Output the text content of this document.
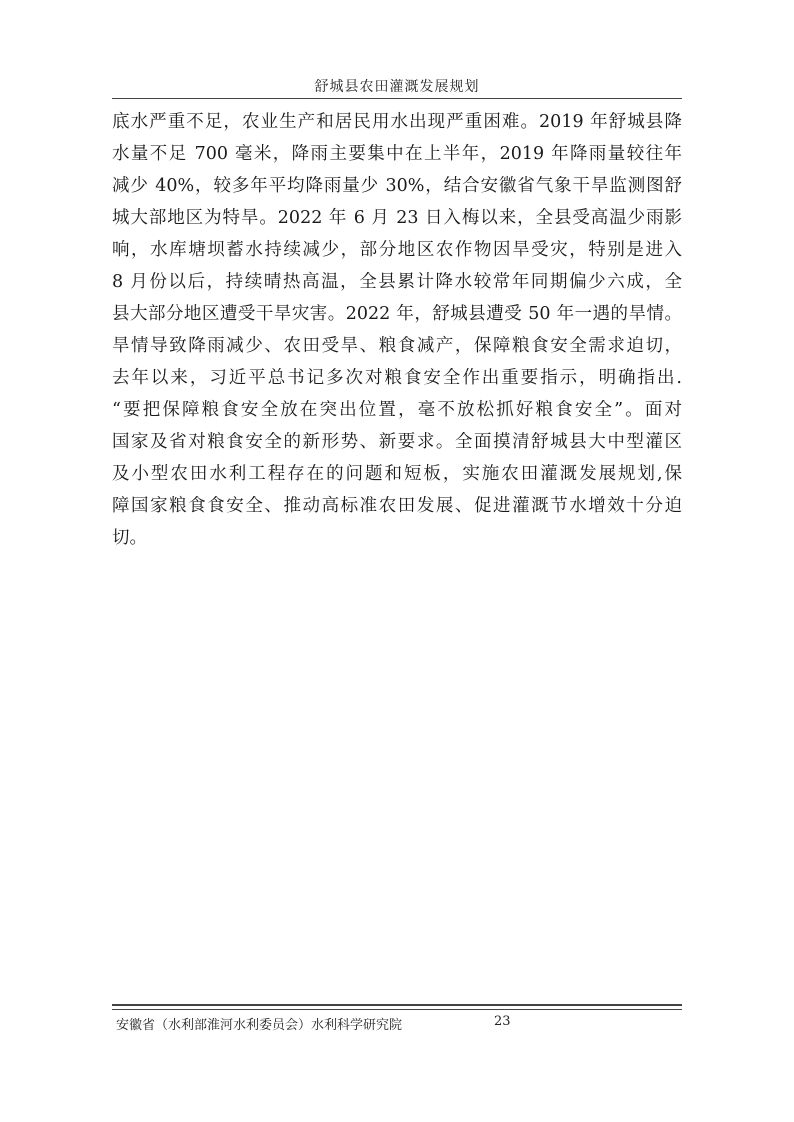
舒城县农田灌溉发展规划
底水严重不足，农业生产和居民用水出现严重困难。2019 年舒城县降
水量不足 700 毫米，降雨主要集中在上半年，2019 年降雨量较往年
减少 40%，较多年平均降雨量少 30%，结合安徽省气象干旱监测图舒
城大部地区为特旱。2022 年 6 月 23 日入梅以来，全县受高温少雨影
响，水库塘坝蓄水持续减少，部分地区农作物因旱受灾，特别是进入
8 月份以后，持续晴热高温，全县累计降水较常年同期偏少六成，全
县大部分地区遭受干旱灾害。2022 年，舒城县遭受 50 年一遇的旱情。
旱情导致降雨减少、农田受旱、粮食减产，保障粮食安全需求迫切，
去年以来，习近平总书记多次对粮食安全作出重要指示，明确指出.
“要把保障粮食安全放在突出位置，毫不放松抓好粮食安全”。面对
国家及省对粮食安全的新形势、新要求。全面摸清舒城县大中型灌区
及小型农田水利工程存在的问题和短板，实施农田灌溉发展规划,保
障国家粮食食安全、推动高标准农田发展、促进灌溉节水增效十分迫
切。
安徽省（水利部淮河水利委员会）水利科学研究院	23
